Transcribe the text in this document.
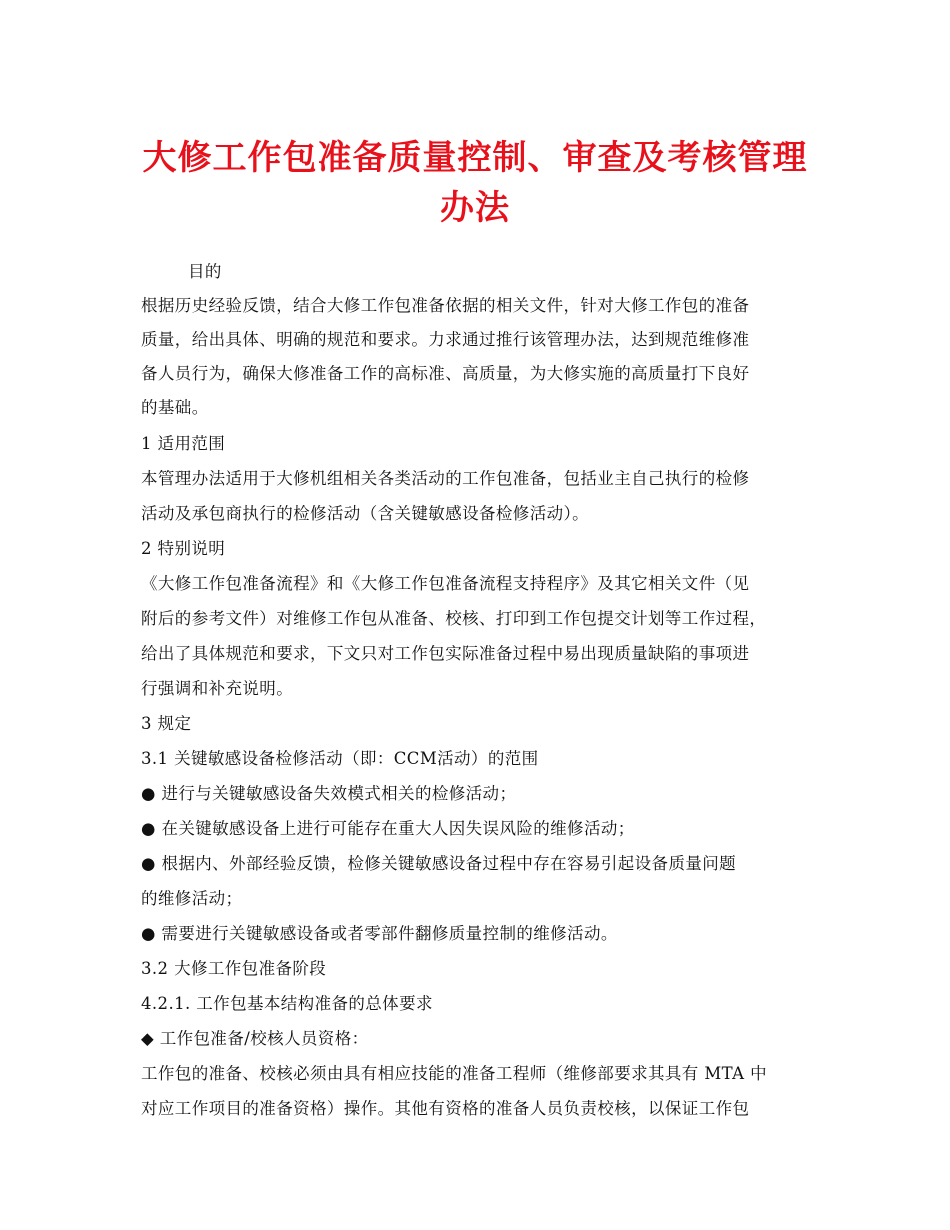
大修工作包准备质量控制、审查及考核管理
办法
目的
根据历史经验反馈，结合大修工作包准备依据的相关文件，针对大修工作包的准备
质量，给出具体、明确的规范和要求。力求通过推行该管理办法，达到规范维修准
备人员行为，确保大修准备工作的高标准、高质量，为大修实施的高质量打下良好
的基础。
1 适用范围
本管理办法适用于大修机组相关各类活动的工作包准备，包括业主自己执行的检修
活动及承包商执行的检修活动（含关键敏感设备检修活动）。
2 特别说明
《大修工作包准备流程》和《大修工作包准备流程支持程序》及其它相关文件（见
附后的参考文件）对维修工作包从准备、校核、打印到工作包提交计划等工作过程，
给出了具体规范和要求，下文只对工作包实际准备过程中易出现质量缺陷的事项进
行强调和补充说明。
3 规定
3.1 关键敏感设备检修活动（即：CCM活动）的范围
● 进行与关键敏感设备失效模式相关的检修活动；
● 在关键敏感设备上进行可能存在重大人因失误风险的维修活动；
● 根据内、外部经验反馈，检修关键敏感设备过程中存在容易引起设备质量问题
的维修活动；
● 需要进行关键敏感设备或者零部件翻修质量控制的维修活动。
3.2 大修工作包准备阶段
4.2.1. 工作包基本结构准备的总体要求
◆ 工作包准备/校核人员资格：
工作包的准备、校核必须由具有相应技能的准备工程师（维修部要求其具有 MTA 中
对应工作项目的准备资格）操作。其他有资格的准备人员负责校核，以保证工作包
